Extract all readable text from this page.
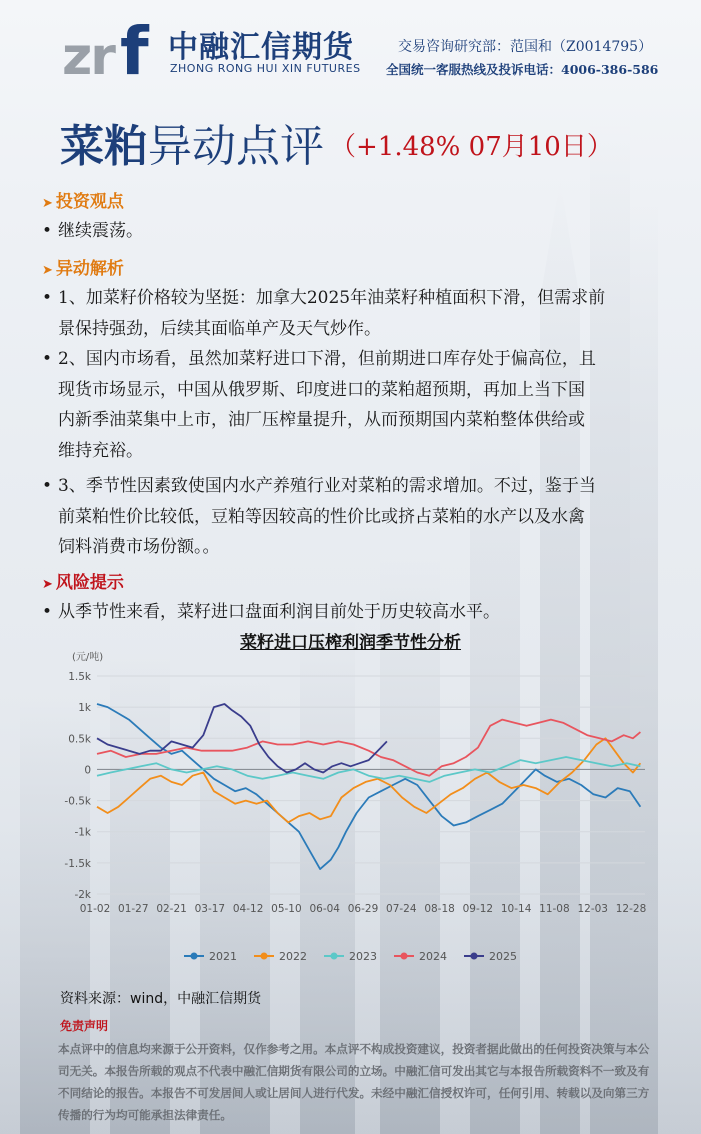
zr f 中融汇信期货
ZHONG RONG HUI XIN FUTURES
交易咨询研究部：范国和（Z0014795）
全国统一客服热线及投诉电话：4006-386-586
菜粕异动点评 （+1.48% 07月10日）
➤ 投资观点
• 继续震荡。
➤ 异动解析
• 1、加菜籽价格较为坚挺：加拿大2025年油菜籽种植面积下滑，但需求前
景保持强劲，后续其面临单产及天气炒作。
• 2、国内市场看，虽然加菜籽进口下滑，但前期进口库存处于偏高位，且
现货市场显示，中国从俄罗斯、印度进口的菜粕超预期，再加上当下国
内新季油菜集中上市，油厂压榨量提升，从而预期国内菜粕整体供给或
维持充裕。
• 3、季节性因素致使国内水产养殖行业对菜粕的需求增加。不过，鉴于当
前菜粕性价比较低，豆粕等因较高的性价比或挤占菜粕的水产以及水禽
饲料消费市场份额。。
➤ 风险提示
• 从季节性来看，菜籽进口盘面利润目前处于历史较高水平。
菜籽进口压榨利润季节性分析
(元/吨)
1.5k
1k
0.5k
0
-0.5k
-1k
-1.5k
-2k
01-02 01-27 02-21 03-17 04-12 05-10 06-04 06-29 07-24 08-18 09-12 10-14 11-08 12-03 12-28
2021	2022	2023	2024	2025
资料来源：wind，中融汇信期货
免责声明
本点评中的信息均来源于公开资料，仅作参考之用。本点评不构成投资建议，投资者据此做出的任何投资决策与本公司无关。本报告所载的观点不代表中融汇信期货有限公司的立场。中融汇信可发出其它与本报告所载资料不一致及有不同结论的报告。本报告不可发居间人或让居间人进行代发。未经中融汇信授权许可，任何引用、转载以及向第三方传播的行为均可能承担法律责任。
